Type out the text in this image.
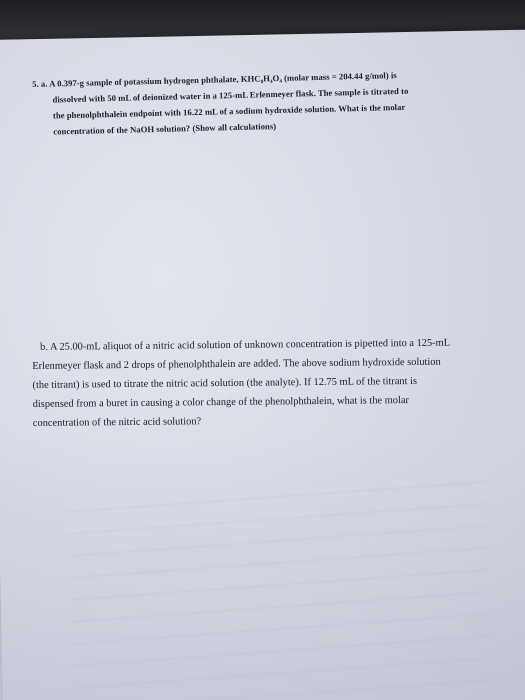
5. a. A 0.397-g sample of potassium hydrogen phthalate, KHC₈H₄O₄ (molar mass = 204.44 g/mol) is
dissolved with 50 mL of deionized water in a 125-mL Erlenmeyer flask. The sample is titrated to
the phenolphthalein endpoint with 16.22 mL of a sodium hydroxide solution. What is the molar
concentration of the NaOH solution? (Show all calculations)

b. A 25.00-mL aliquot of a nitric acid solution of unknown concentration is pipetted into a 125-mL
Erlenmeyer flask and 2 drops of phenolphthalein are added. The above sodium hydroxide solution
(the titrant) is used to titrate the nitric acid solution (the analyte). If 12.75 mL of the titrant is
dispensed from a buret in causing a color change of the phenolphthalein, what is the molar
concentration of the nitric acid solution?
